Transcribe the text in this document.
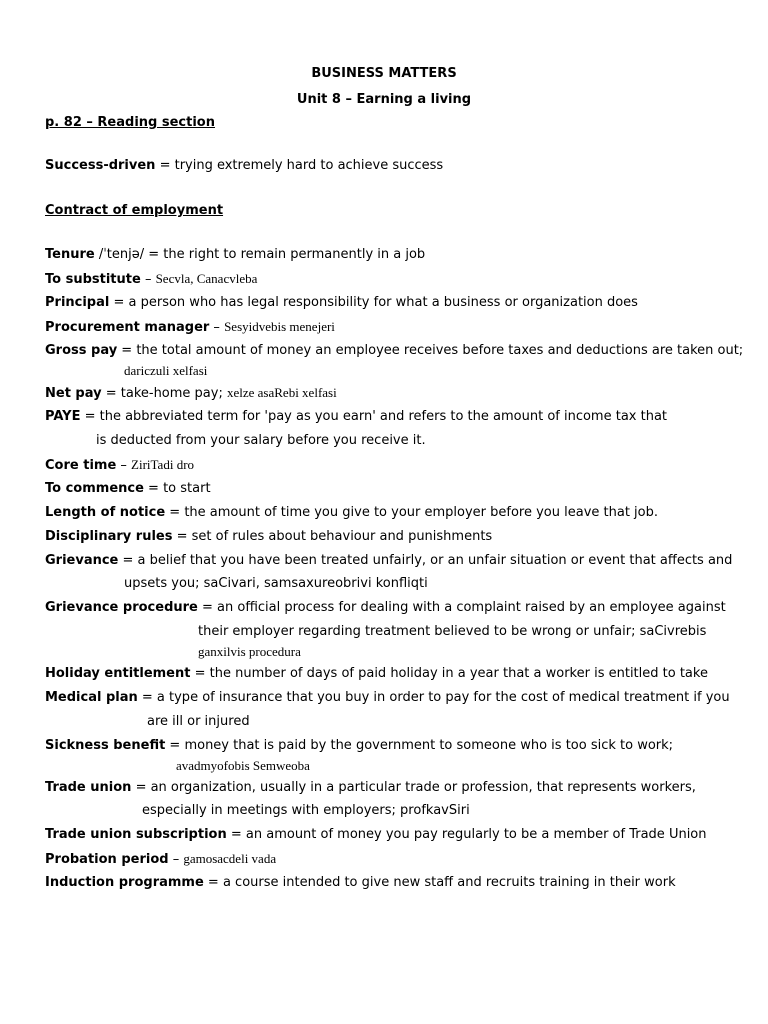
BUSINESS MATTERS
Unit 8 – Earning a living
p. 82 – Reading section
Success-driven = trying extremely hard to achieve success
Contract of employment
Tenure /ˈtenjə/ = the right to remain permanently in a job
To substitute – Secvla, Canacvleba
Principal = a person who has legal responsibility for what a business or organization does
Procurement manager – Sesyidvebis menejeri
Gross pay = the total amount of money an employee receives before taxes and deductions are taken out;
dariczuli xelfasi
Net pay = take-home pay; xelze asaRebi xelfasi
PAYE = the abbreviated term for 'pay as you earn' and refers to the amount of income tax that
is deducted from your salary before you receive it.
Core time – ZiriTadi dro
To commence = to start
Length of notice = the amount of time you give to your employer before you leave that job.
Disciplinary rules = set of rules about behaviour and punishments
Grievance = a belief that you have been treated unfairly, or an unfair situation or event that affects and
upsets you; saCivari, samsaxureobrivi konfliqti
Grievance procedure = an official process for dealing with a complaint raised by an employee against
their employer regarding treatment believed to be wrong or unfair; saCivrebis
ganxilvis procedura
Holiday entitlement = the number of days of paid holiday in a year that a worker is entitled to take
Medical plan = a type of insurance that you buy in order to pay for the cost of medical treatment if you
are ill or injured
Sickness benefit = money that is paid by the government to someone who is too sick to work;
avadmyofobis Semweoba
Trade union = an organization, usually in a particular trade or profession, that represents workers,
especially in meetings with employers; profkavSiri
Trade union subscription = an amount of money you pay regularly to be a member of Trade Union
Probation period – gamosacdeli vada
Induction programme = a course intended to give new staff and recruits training in their work
